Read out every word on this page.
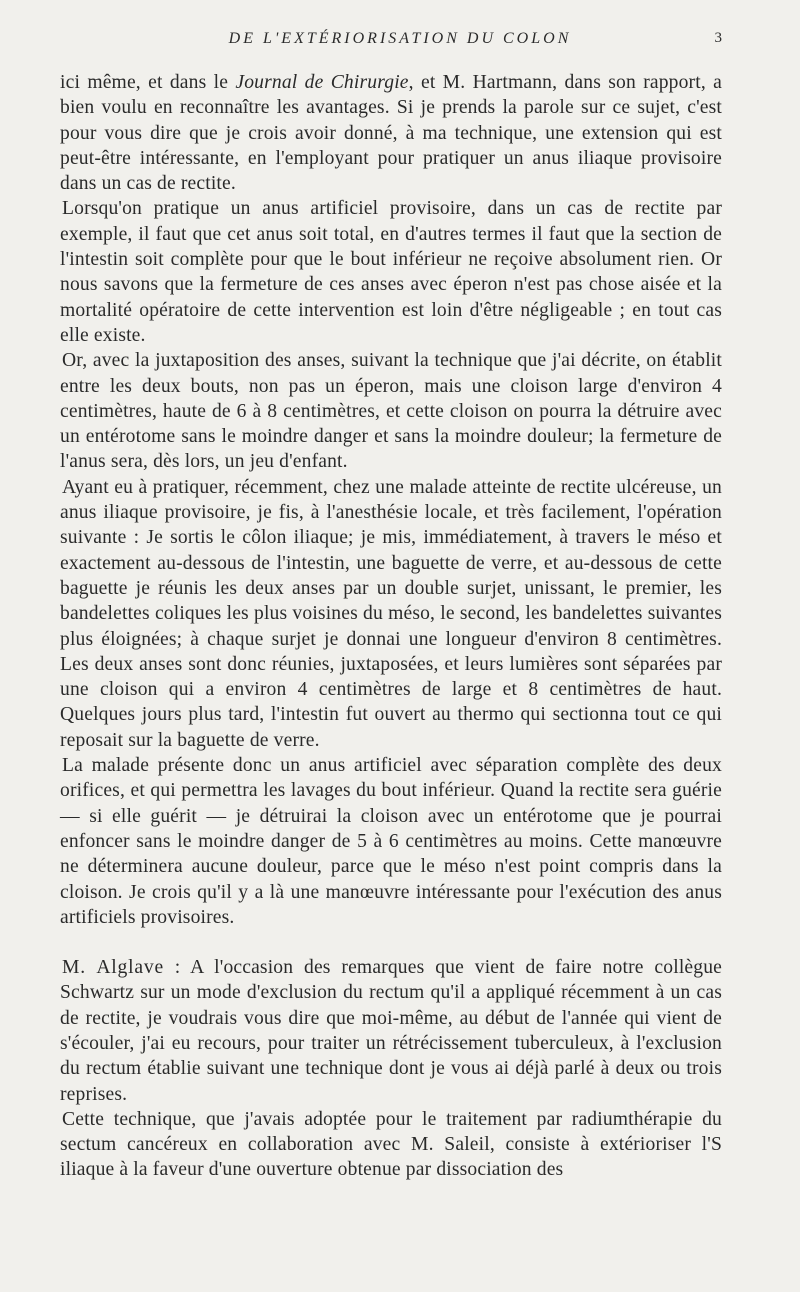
DE L'EXTÉRIORISATION DU COLON	3

ici même, et dans le Journal de Chirurgie, et M. Hartmann, dans son rapport, a bien voulu en reconnaître les avantages. Si je prends la parole sur ce sujet, c'est pour vous dire que je crois avoir donné, à ma technique, une extension qui est peut-être intéressante, en l'employant pour pratiquer un anus iliaque provisoire dans un cas de rectite.

Lorsqu'on pratique un anus artificiel provisoire, dans un cas de rectite par exemple, il faut que cet anus soit total, en d'autres termes il faut que la section de l'intestin soit complète pour que le bout inférieur ne reçoive absolument rien. Or nous savons que la fermeture de ces anses avec éperon n'est pas chose aisée et la mortalité opératoire de cette intervention est loin d'être négligeable ; en tout cas elle existe.

Or, avec la juxtaposition des anses, suivant la technique que j'ai décrite, on établit entre les deux bouts, non pas un éperon, mais une cloison large d'environ 4 centimètres, haute de 6 à 8 centimètres, et cette cloison on pourra la détruire avec un entérotome sans le moindre danger et sans la moindre douleur; la fermeture de l'anus sera, dès lors, un jeu d'enfant.

Ayant eu à pratiquer, récemment, chez une malade atteinte de rectite ulcéreuse, un anus iliaque provisoire, je fis, à l'anesthésie locale, et très facilement, l'opération suivante : Je sortis le côlon iliaque; je mis, immédiatement, à travers le méso et exactement au-dessous de l'intestin, une baguette de verre, et au-dessous de cette baguette je réunis les deux anses par un double surjet, unissant, le premier, les bandelettes coliques les plus voisines du méso, le second, les bandelettes suivantes plus éloignées; à chaque surjet je donnai une longueur d'environ 8 centimètres. Les deux anses sont donc réunies, juxtaposées, et leurs lumières sont séparées par une cloison qui a environ 4 centimètres de large et 8 centimètres de haut. Quelques jours plus tard, l'intestin fut ouvert au thermo qui sectionna tout ce qui reposait sur la baguette de verre.

La malade présente donc un anus artificiel avec séparation complète des deux orifices, et qui permettra les lavages du bout inférieur. Quand la rectite sera guérie — si elle guérit — je détruirai la cloison avec un entérotome que je pourrai enfoncer sans le moindre danger de 5 à 6 centimètres au moins. Cette manœuvre ne déterminera aucune douleur, parce que le méso n'est point compris dans la cloison. Je crois qu'il y a là une manœuvre intéressante pour l'exécution des anus artificiels provisoires.

M. Alglave : A l'occasion des remarques que vient de faire notre collègue Schwartz sur un mode d'exclusion du rectum qu'il a appliqué récemment à un cas de rectite, je voudrais vous dire que moi-même, au début de l'année qui vient de s'écouler, j'ai eu recours, pour traiter un rétrécissement tuberculeux, à l'exclusion du rectum établie suivant une technique dont je vous ai déjà parlé à deux ou trois reprises.

Cette technique, que j'avais adoptée pour le traitement par radiumthérapie du sectum cancéreux en collaboration avec M. Saleil, consiste à extérioriser l'S iliaque à la faveur d'une ouverture obtenue par dissociation des
